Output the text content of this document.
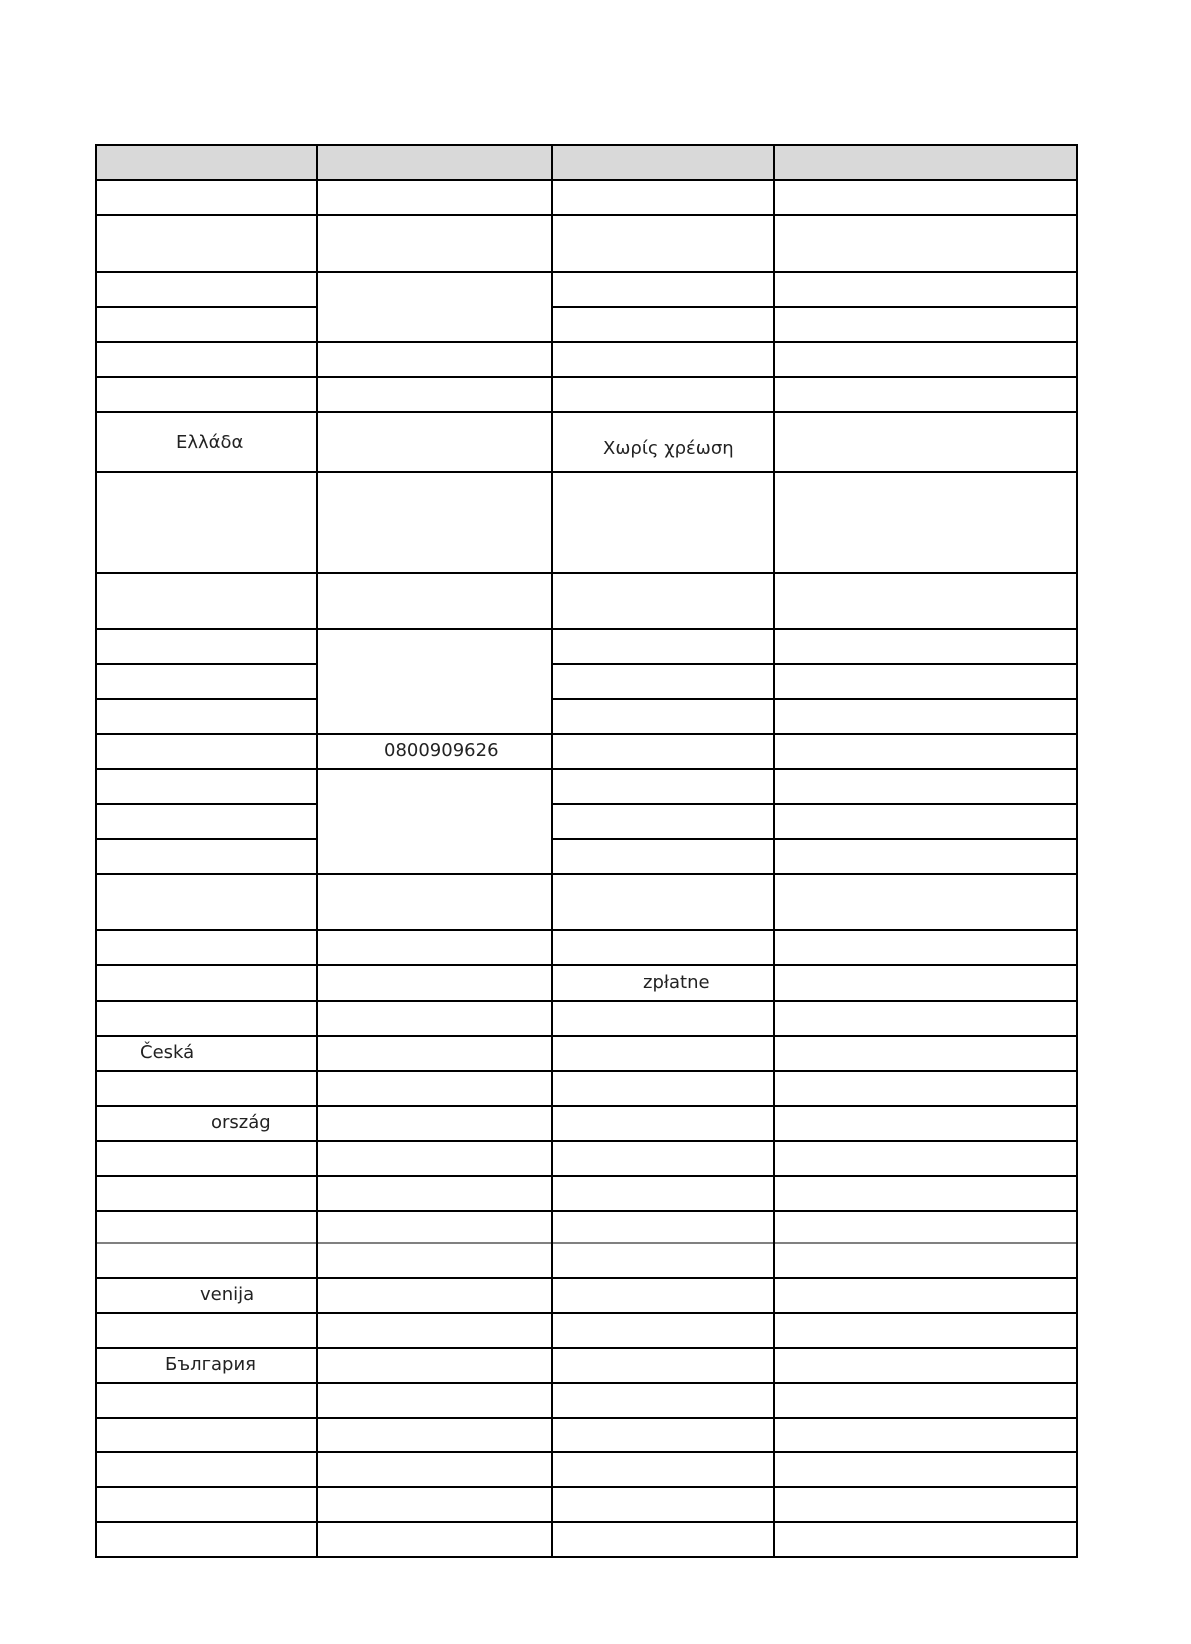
Ελλάδα	Χωρίς χρέωση
0800909626
zpłatne
Česká
ország
venija
България
